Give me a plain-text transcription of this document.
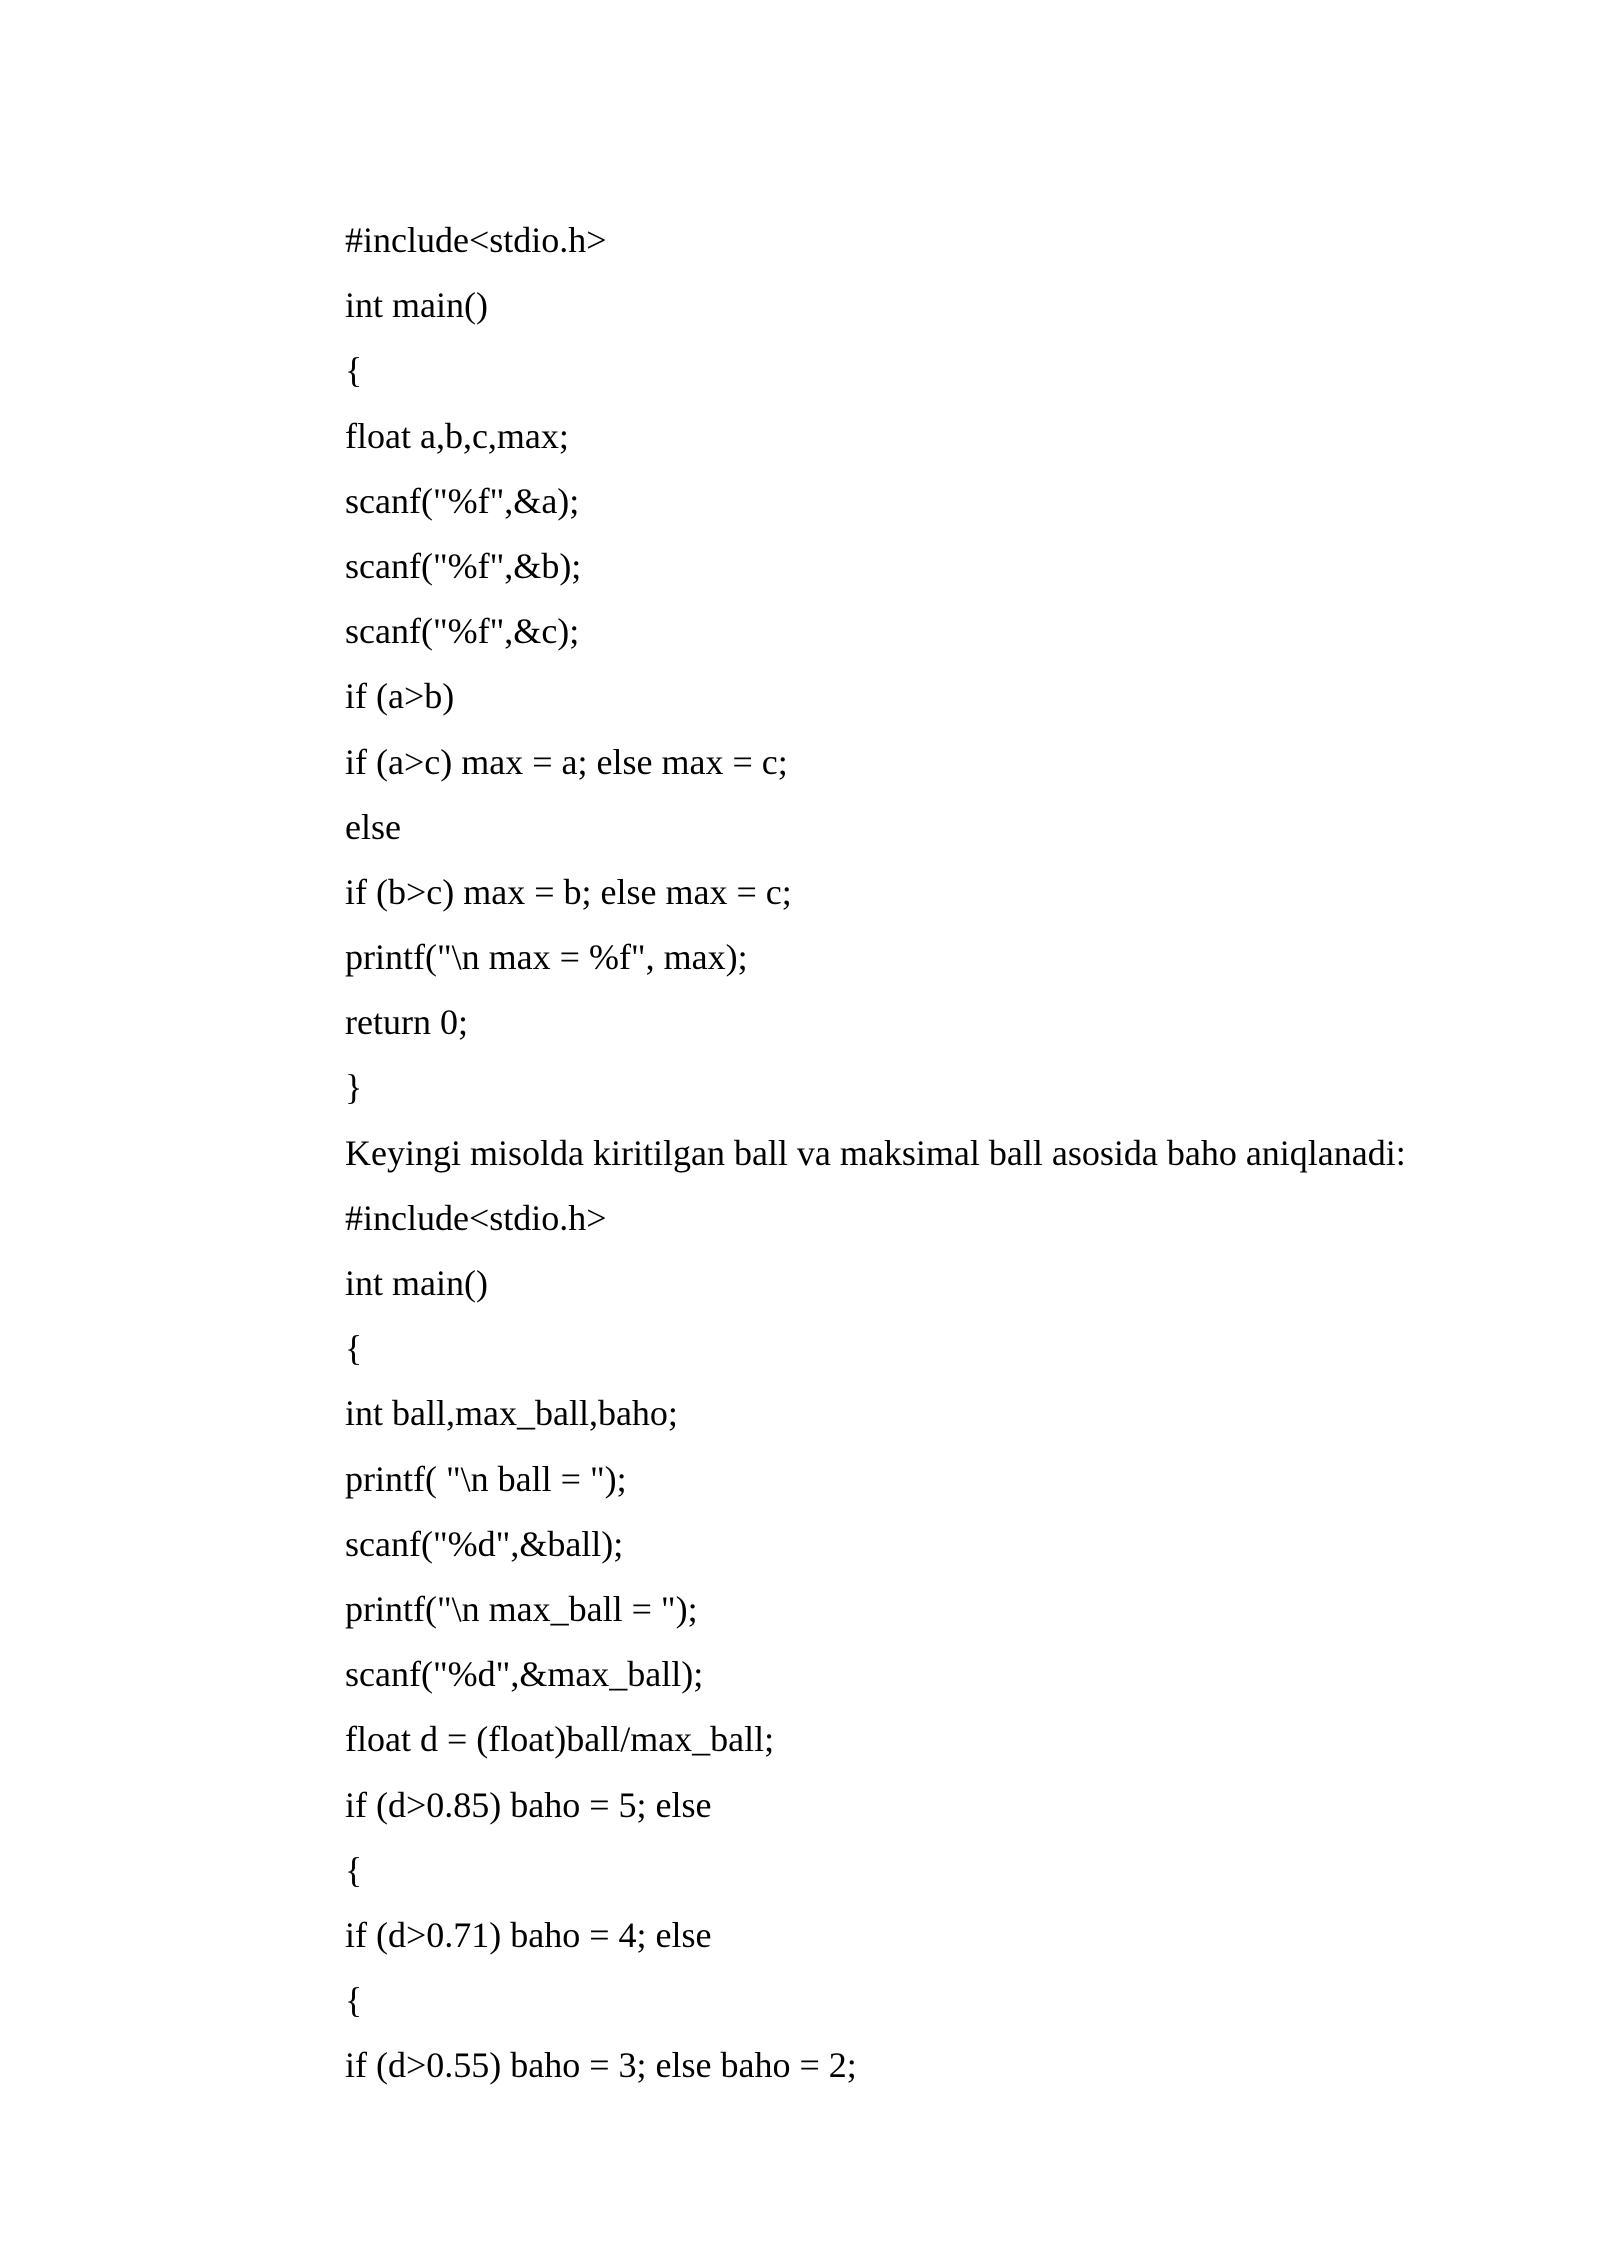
#include<stdio.h>
int main()
{
float a,b,c,max;
scanf("%f",&a);
scanf("%f",&b);
scanf("%f",&c);
if (a>b)
if (a>c) max = a; else max = c;
else
if (b>c) max = b; else max = c;
printf("\n max = %f", max);
return 0;
}
Keyingi misolda kiritilgan ball va maksimal ball asosida baho aniqlanadi:
#include<stdio.h>
int main()
{
int ball,max_ball,baho;
printf( "\n ball = ");
scanf("%d",&ball);
printf("\n max_ball = ");
scanf("%d",&max_ball);
float d = (float)ball/max_ball;
if (d>0.85) baho = 5; else
{
if (d>0.71) baho = 4; else
{
if (d>0.55) baho = 3; else baho = 2;
